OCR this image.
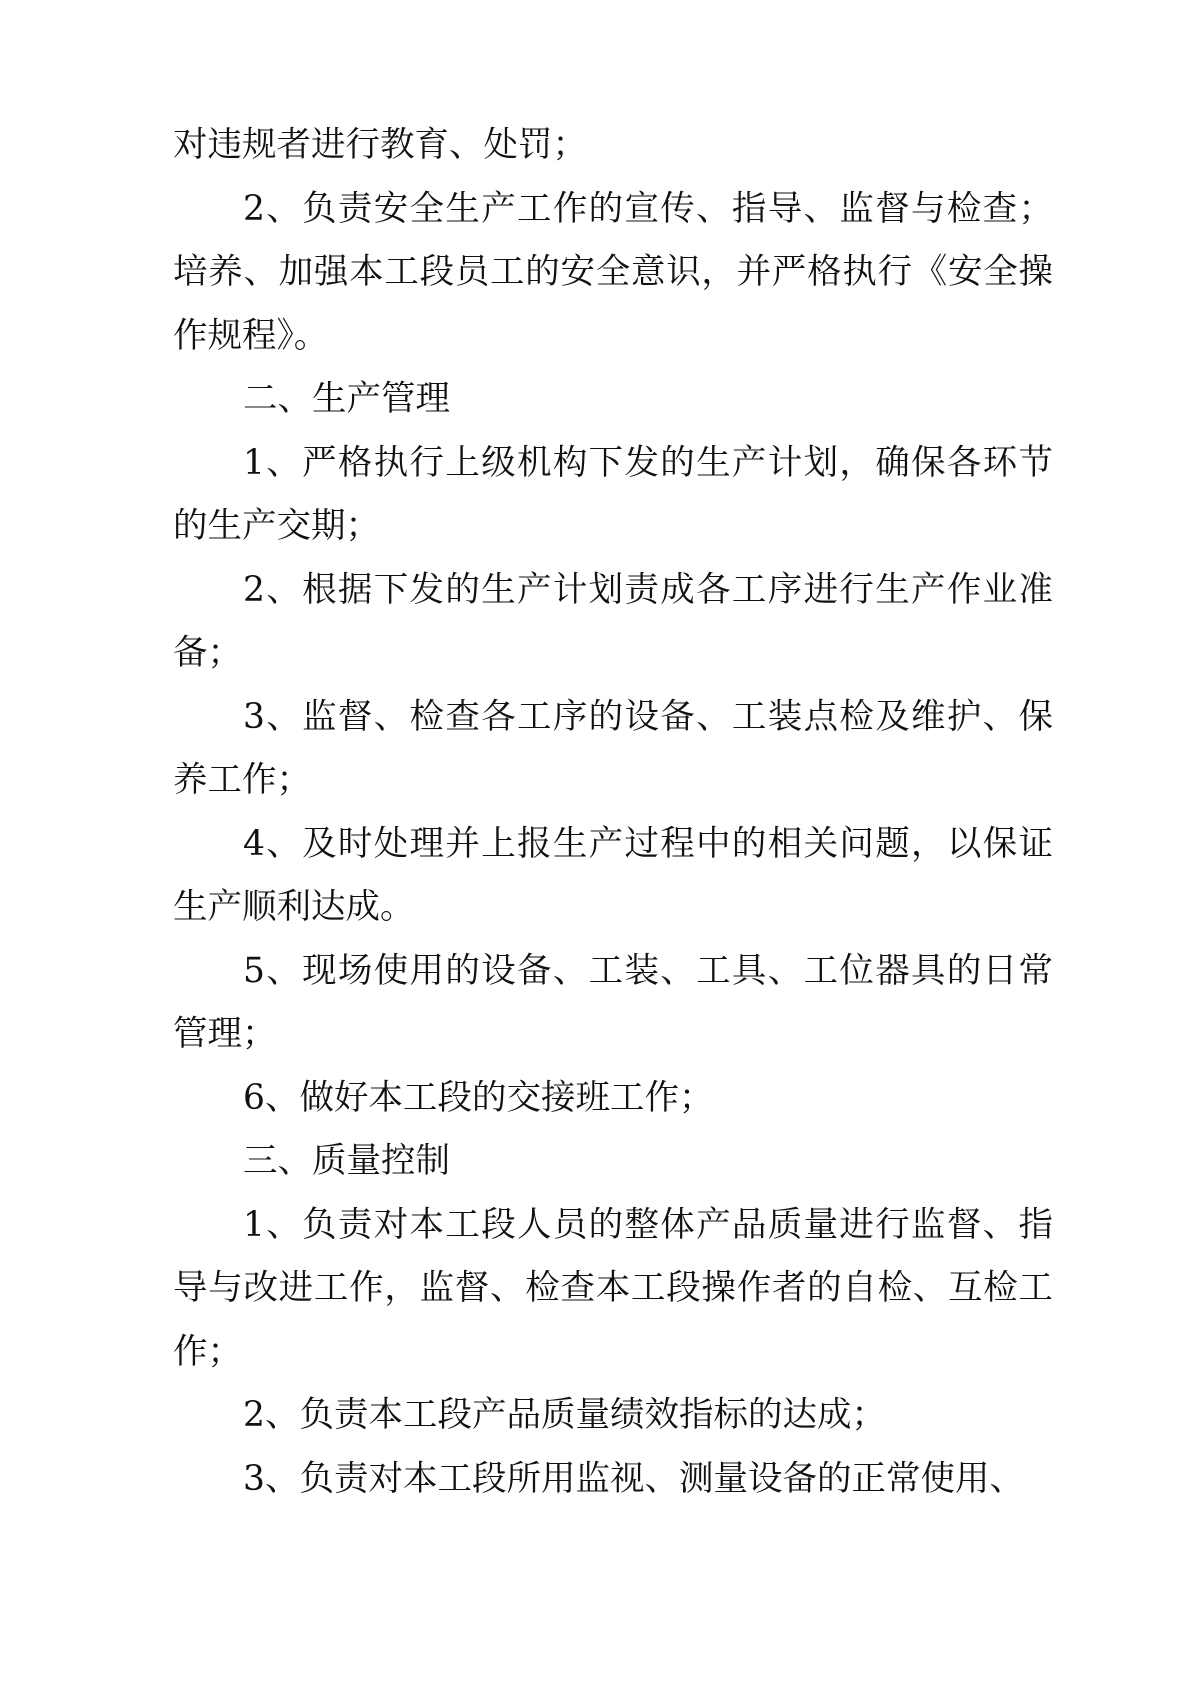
对违规者进行教育、处罚；

2、负责安全生产工作的宣传、指导、监督与检查；培养、加强本工段员工的安全意识，并严格执行《安全操作规程》。

二、生产管理

1、严格执行上级机构下发的生产计划，确保各环节的生产交期；

2、根据下发的生产计划责成各工序进行生产作业准备；

3、监督、检查各工序的设备、工装点检及维护、保养工作；

4、及时处理并上报生产过程中的相关问题，以保证生产顺利达成。

5、现场使用的设备、工装、工具、工位器具的日常管理；

6、做好本工段的交接班工作；

三、质量控制

1、负责对本工段人员的整体产品质量进行监督、指导与改进工作，监督、检查本工段操作者的自检、互检工作；

2、负责本工段产品质量绩效指标的达成；

3、负责对本工段所用监视、测量设备的正常使用、
